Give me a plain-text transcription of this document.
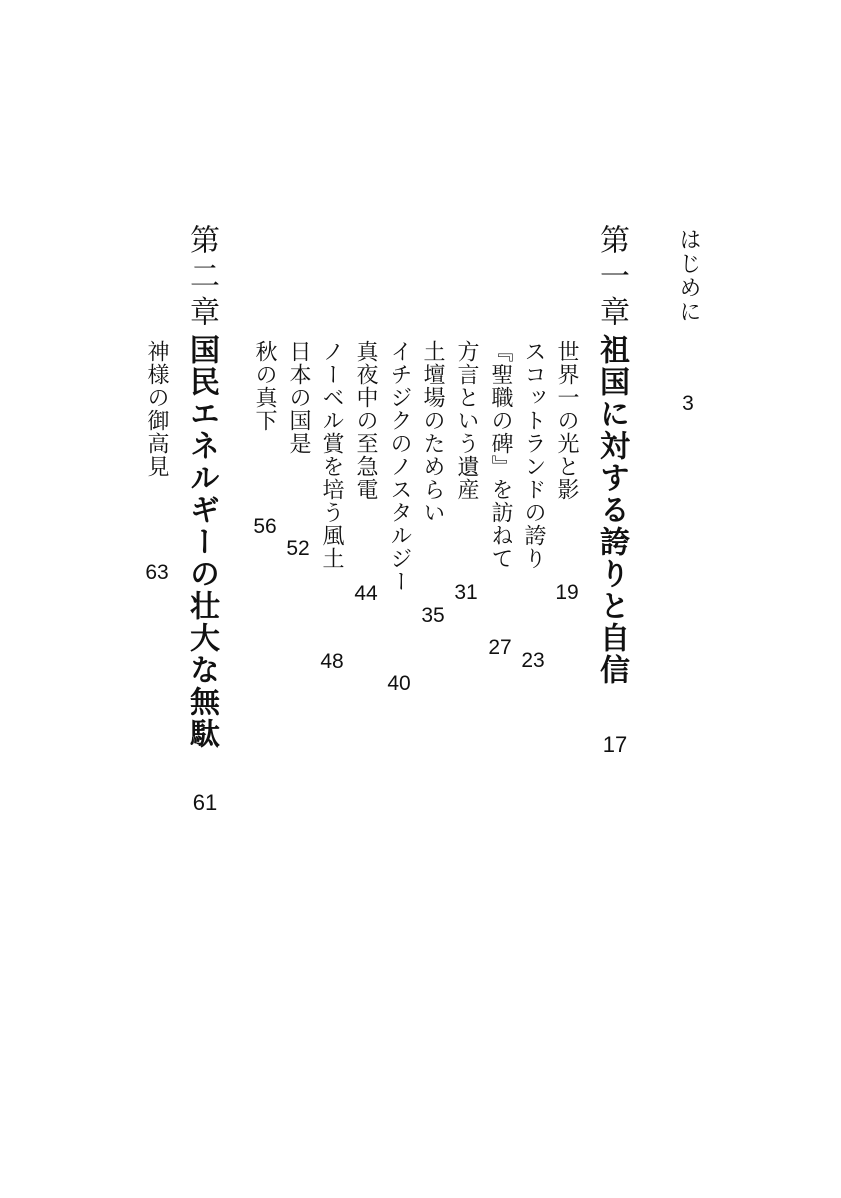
はじめに
3
第一章
祖国に対する誇りと自信
17
世界一の光と影
19
スコットランドの誇り
23
『聖職の碑』を訪ねて
27
方言という遺産
31
土壇場のためらい
35
イチジクのノスタルジー
40
真夜中の至急電
44
ノーベル賞を培う風土
48
日本の国是
52
秋の真下
56
第二章
国民エネルギーの壮大な無駄
61
神様の御高見
63
